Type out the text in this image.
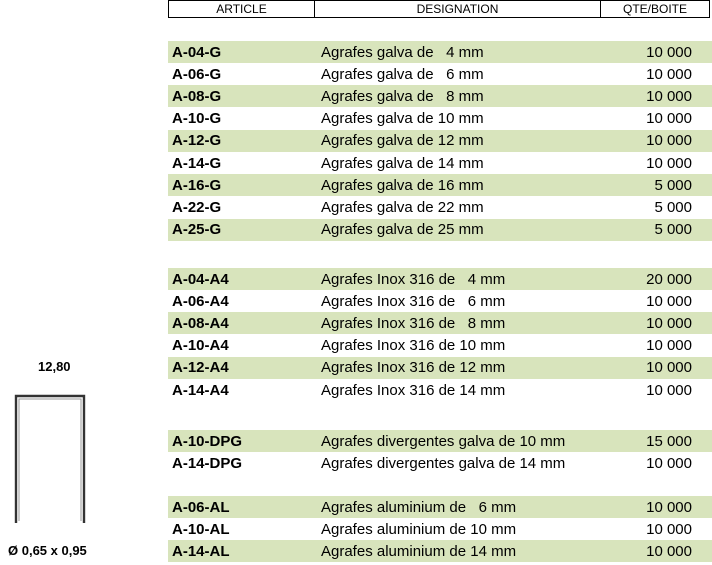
ARTICLE	DESIGNATION	QTE/BOITE
A-04-G	Agrafes galva de   4 mm	10 000
A-06-G	Agrafes galva de   6 mm	10 000
A-08-G	Agrafes galva de   8 mm	10 000
A-10-G	Agrafes galva de 10 mm	10 000
A-12-G	Agrafes galva de 12 mm	10 000
A-14-G	Agrafes galva de 14 mm	10 000
A-16-G	Agrafes galva de 16 mm	5 000
A-22-G	Agrafes galva de 22 mm	5 000
A-25-G	Agrafes galva de 25 mm	5 000
A-04-A4	Agrafes Inox 316 de   4 mm	20 000
A-06-A4	Agrafes Inox 316 de   6 mm	10 000
A-08-A4	Agrafes Inox 316 de   8 mm	10 000
A-10-A4	Agrafes Inox 316 de 10 mm	10 000
A-12-A4	Agrafes Inox 316 de 12 mm	10 000
A-14-A4	Agrafes Inox 316 de 14 mm	10 000
A-10-DPG	Agrafes divergentes galva de 10 mm	15 000
A-14-DPG	Agrafes divergentes galva de 14 mm	10 000
A-06-AL	Agrafes aluminium de   6 mm	10 000
A-10-AL	Agrafes aluminium de 10 mm	10 000
A-14-AL	Agrafes aluminium de 14 mm	10 000
12,80
Ø 0,65 x 0,95
